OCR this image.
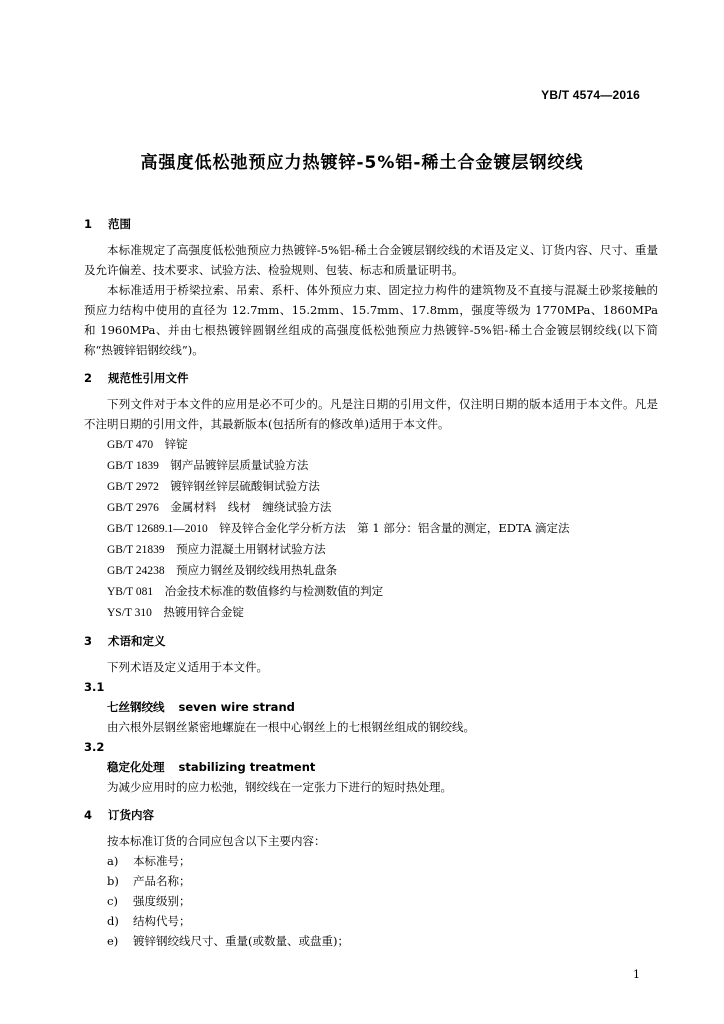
YB/T 4574—2016
高强度低松弛预应力热镀锌-5%铝-稀土合金镀层钢绞线
1 范围

本标准规定了高强度低松弛预应力热镀锌-5%铝-稀土合金镀层钢绞线的术语及定义、订货内容、尺寸、重量及允许偏差、技术要求、试验方法、检验规则、包装、标志和质量证明书。

本标准适用于桥梁拉索、吊索、系杆、体外预应力束、固定拉力构件的建筑物及不直接与混凝土砂浆接触的预应力结构中使用的直径为 12.7mm、15.2mm、15.7mm、17.8mm，强度等级为 1770MPa、1860MPa 和 1960MPa、并由七根热镀锌圆钢丝组成的高强度低松弛预应力热镀锌-5%铝-稀土合金镀层钢绞线(以下简称“热镀锌铝钢绞线”)。

2 规范性引用文件

下列文件对于本文件的应用是必不可少的。凡是注日期的引用文件，仅注明日期的版本适用于本文件。凡是不注明日期的引用文件，其最新版本(包括所有的修改单)适用于本文件。

GB/T 470　 锌锭
GB/T 1839　 钢产品镀锌层质量试验方法
GB/T 2972　 镀锌钢丝锌层硫酸铜试验方法
GB/T 2976　 金属材料　线材　缠绕试验方法
GB/T 12689.1—2010　 锌及锌合金化学分析方法　第 1 部分：铝含量的测定，EDTA 滴定法
GB/T 21839　 预应力混凝土用钢材试验方法
GB/T 24238　 预应力钢丝及钢绞线用热轧盘条
YB/T 081　 冶金技术标准的数值修约与检测数值的判定
YS/T 310　 热镀用锌合金锭
3 术语和定义

下列术语及定义适用于本文件。

3.1
七丝钢绞线 seven wire strand
由六根外层钢丝紧密地螺旋在一根中心钢丝上的七根钢丝组成的钢绞线。
3.2
稳定化处理 stabilizing treatment
为减少应用时的应力松弛，钢绞线在一定张力下进行的短时热处理。
4 订货内容

按本标准订货的合同应包含以下主要内容：

a) 本标准号；
b) 产品名称；
c) 强度级别；
d) 结构代号；
e) 镀锌钢绞线尺寸、重量(或数量、或盘重)；
1
